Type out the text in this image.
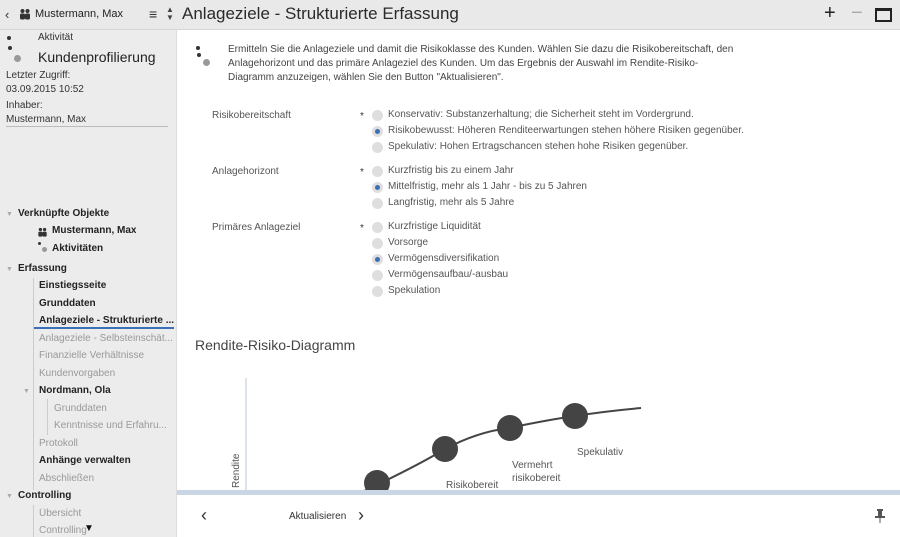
‹ Mustermann, Max ≡ ▲
▼ Anlageziele - Strukturierte Erfassung	+ −
Aktivität
Kundenprofilierung
Letzter Zugriff:
03.09.2015 10:52
Inhaber:
Mustermann, Max
▼ Verknüpfte Objekte
Mustermann, Max
Aktivitäten
▼ Erfassung
Einstiegsseite
Grunddaten
Anlageziele - Strukturierte ...
Anlageziele - Selbsteinschät...
Finanzielle Verhältnisse
Kundenvorgaben
▼ Nordmann, Ola
Grunddaten
Kenntnisse und Erfahru...
Protokoll
Anhänge verwalten
Abschließen
▼ Controlling
Übersicht
Controlling
▼

Ermitteln Sie die Anlageziele und damit die Risikoklasse des Kunden. Wählen Sie dazu die Risikobereitschaft, den Anlagehorizont und das primäre Anlageziel des Kunden. Um das Ergebnis der Auswahl im Rendite-Risiko-Diagramm anzuzeigen, wählen Sie den Button "Aktualisieren".

Risikobereitschaft	* Konservativ: Substanzerhaltung; die Sicherheit steht im Vordergrund.
Risikobewusst: Höheren Renditeerwartungen stehen höhere Risiken gegenüber.
Spekulativ: Hohen Ertragschancen stehen hohe Risiken gegenüber.
Anlagehorizont	* Kurzfristig bis zu einem Jahr
Mittelfristig, mehr als 1 Jahr - bis zu 5 Jahren
Langfristig, mehr als 5 Jahre
Primäres Anlageziel	* Kurzfristige Liquidität
Vorsorge
Vermögensdiversifikation
Vermögensaufbau/-ausbau
Spekulation
Rendite-Risiko-Diagramm
Rendite	Risikobereit
Vermehrt
risikobereit
Spekulativ
‹	Aktualisieren ›
